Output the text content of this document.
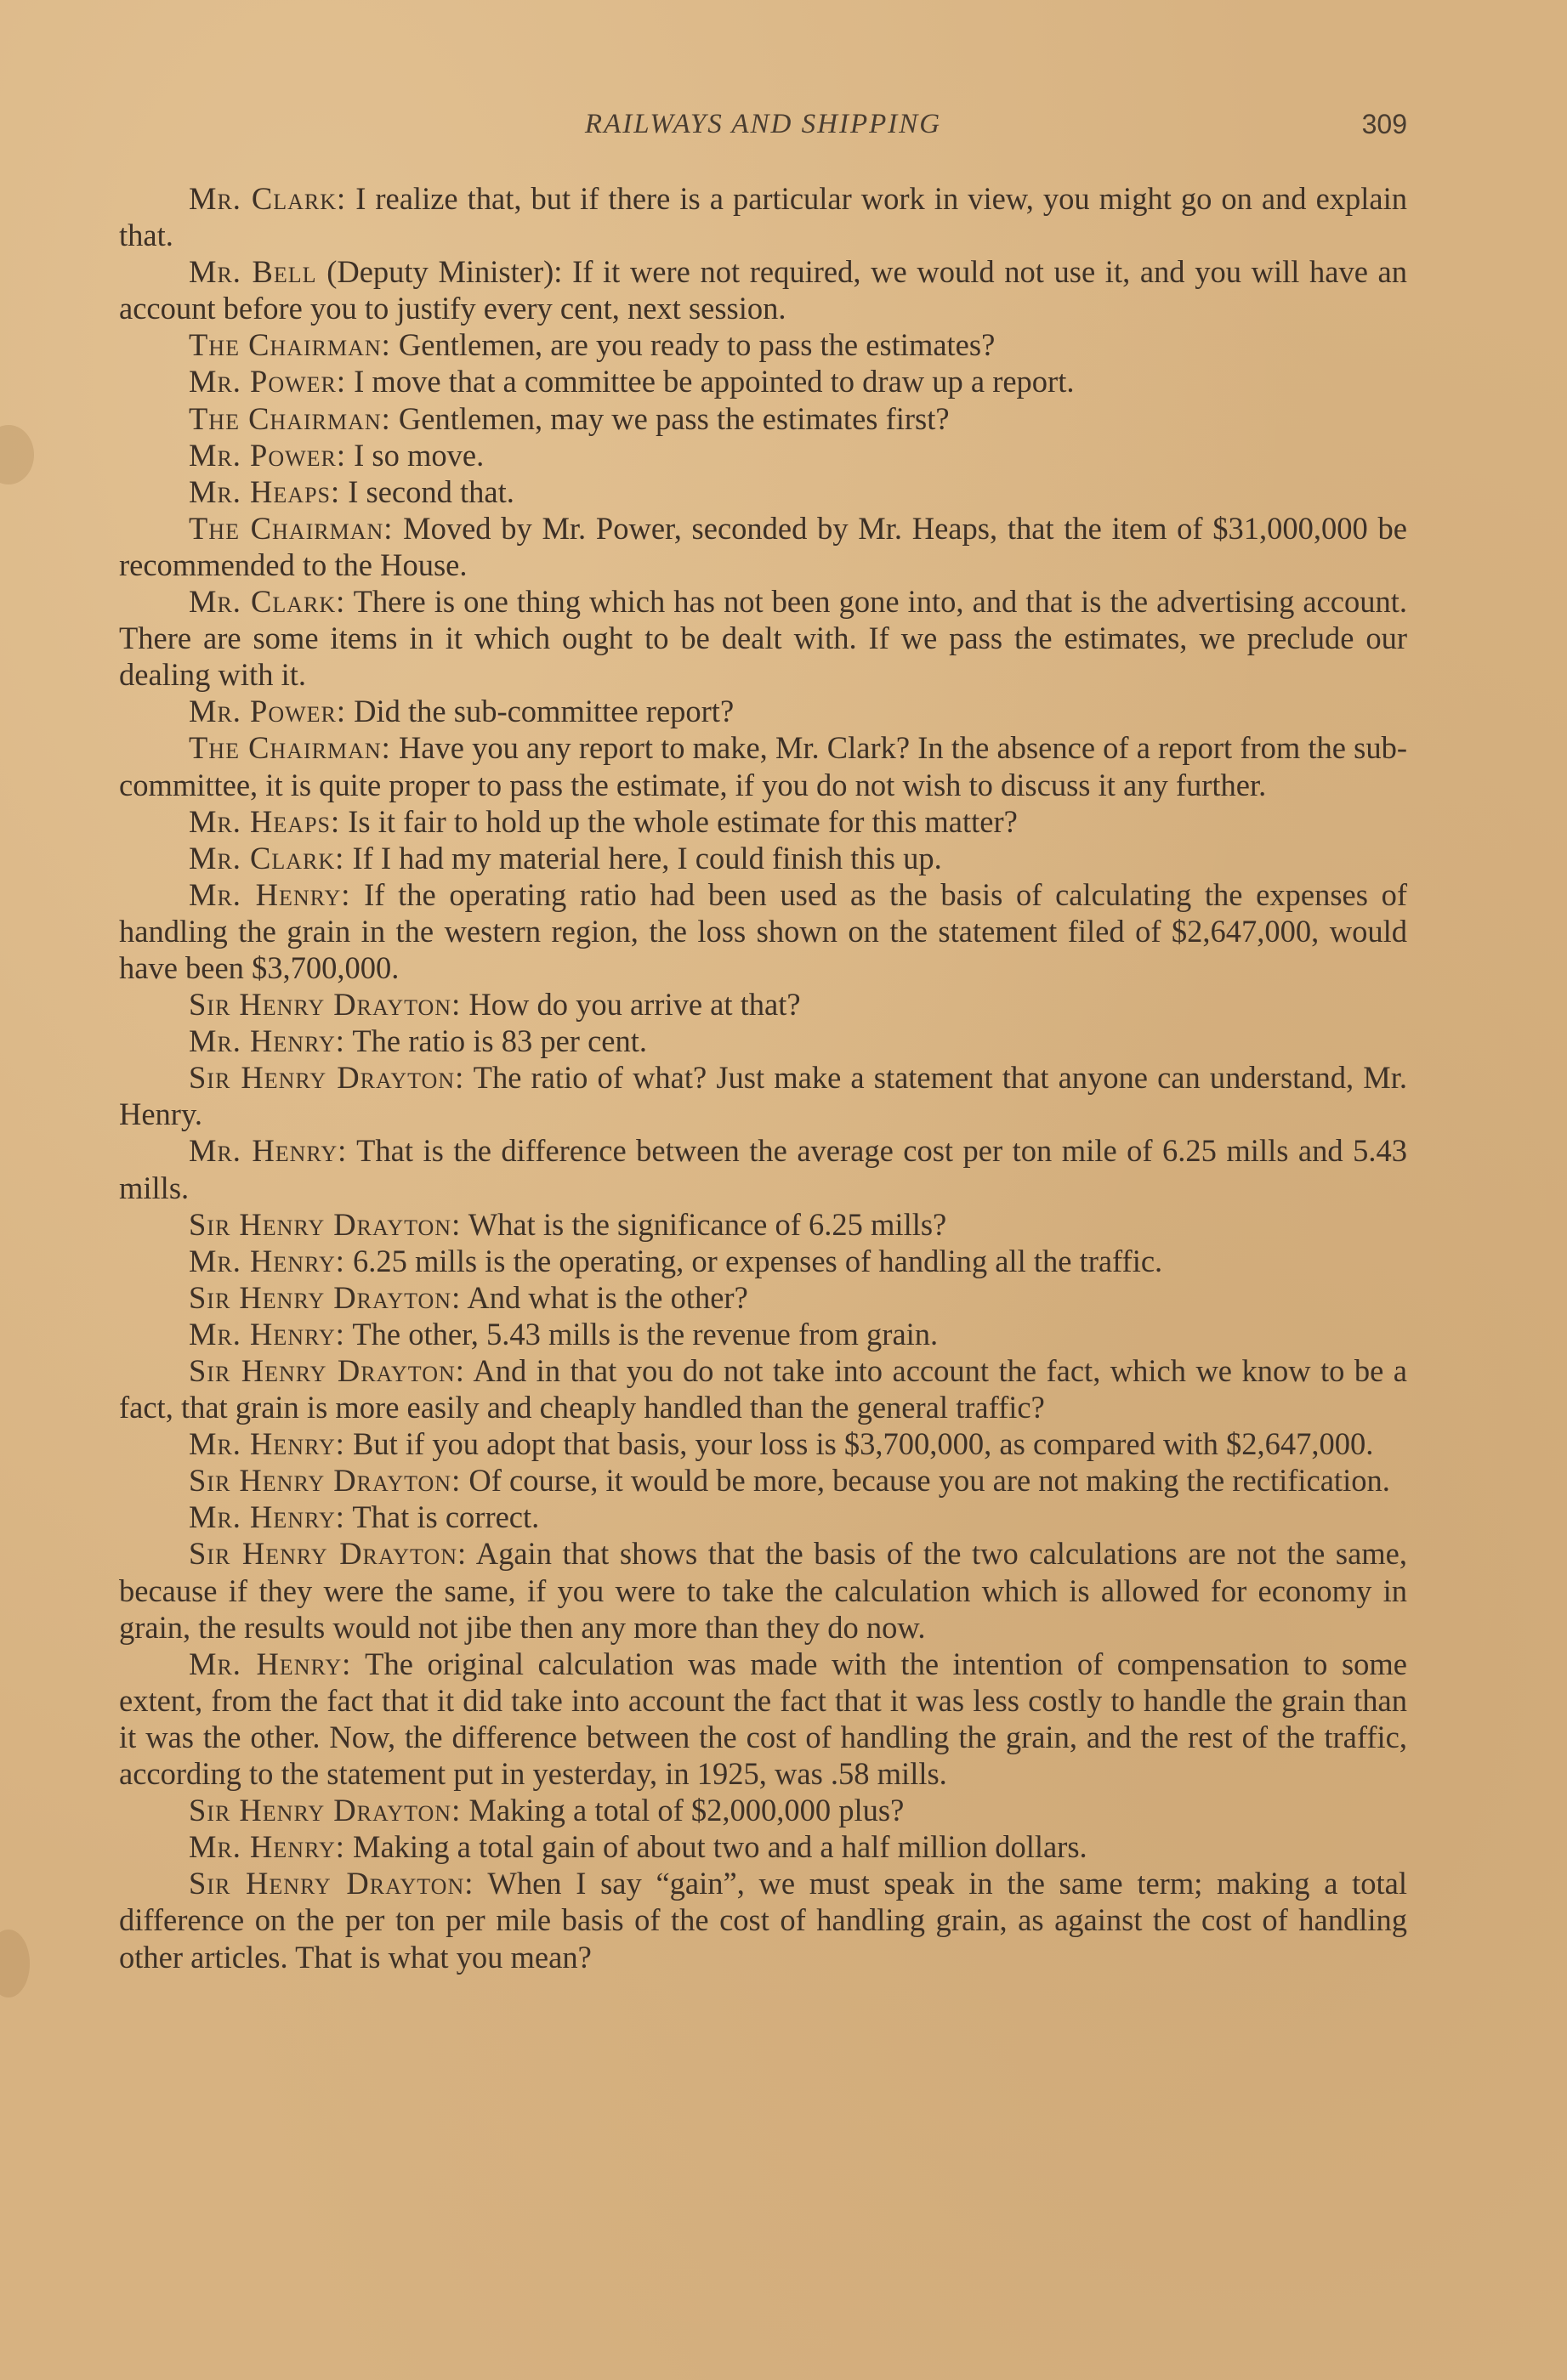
RAILWAYS AND SHIPPING	309

Mr. Clark: I realize that, but if there is a particular work in view, you might go on and explain that.

Mr. Bell (Deputy Minister): If it were not required, we would not use it, and you will have an account before you to justify every cent, next session.

The Chairman: Gentlemen, are you ready to pass the estimates?

Mr. Power: I move that a committee be appointed to draw up a report.

The Chairman: Gentlemen, may we pass the estimates first?

Mr. Power: I so move.

Mr. Heaps: I second that.

The Chairman: Moved by Mr. Power, seconded by Mr. Heaps, that the item of $31,000,000 be recommended to the House.

Mr. Clark: There is one thing which has not been gone into, and that is the advertising account. There are some items in it which ought to be dealt with. If we pass the estimates, we preclude our dealing with it.

Mr. Power: Did the sub-committee report?

The Chairman: Have you any report to make, Mr. Clark? In the absence of a report from the sub-committee, it is quite proper to pass the estimate, if you do not wish to discuss it any further.

Mr. Heaps: Is it fair to hold up the whole estimate for this matter?

Mr. Clark: If I had my material here, I could finish this up.

Mr. Henry: If the operating ratio had been used as the basis of calculating the expenses of handling the grain in the western region, the loss shown on the statement filed of $2,647,000, would have been $3,700,000.

Sir Henry Drayton: How do you arrive at that?

Mr. Henry: The ratio is 83 per cent.

Sir Henry Drayton: The ratio of what? Just make a statement that anyone can understand, Mr. Henry.

Mr. Henry: That is the difference between the average cost per ton mile of 6.25 mills and 5.43 mills.

Sir Henry Drayton: What is the significance of 6.25 mills?

Mr. Henry: 6.25 mills is the operating, or expenses of handling all the traffic.

Sir Henry Drayton: And what is the other?

Mr. Henry: The other, 5.43 mills is the revenue from grain.

Sir Henry Drayton: And in that you do not take into account the fact, which we know to be a fact, that grain is more easily and cheaply handled than the general traffic?

Mr. Henry: But if you adopt that basis, your loss is $3,700,000, as compared with $2,647,000.

Sir Henry Drayton: Of course, it would be more, because you are not making the rectification.

Mr. Henry: That is correct.

Sir Henry Drayton: Again that shows that the basis of the two calculations are not the same, because if they were the same, if you were to take the calculation which is allowed for economy in grain, the results would not jibe then any more than they do now.

Mr. Henry: The original calculation was made with the intention of compensation to some extent, from the fact that it did take into account the fact that it was less costly to handle the grain than it was the other. Now, the difference between the cost of handling the grain, and the rest of the traffic, according to the statement put in yesterday, in 1925, was .58 mills.

Sir Henry Drayton: Making a total of $2,000,000 plus?

Mr. Henry: Making a total gain of about two and a half million dollars.

Sir Henry Drayton: When I say “gain”, we must speak in the same term; making a total difference on the per ton per mile basis of the cost of handling grain, as against the cost of handling other articles. That is what you mean?
